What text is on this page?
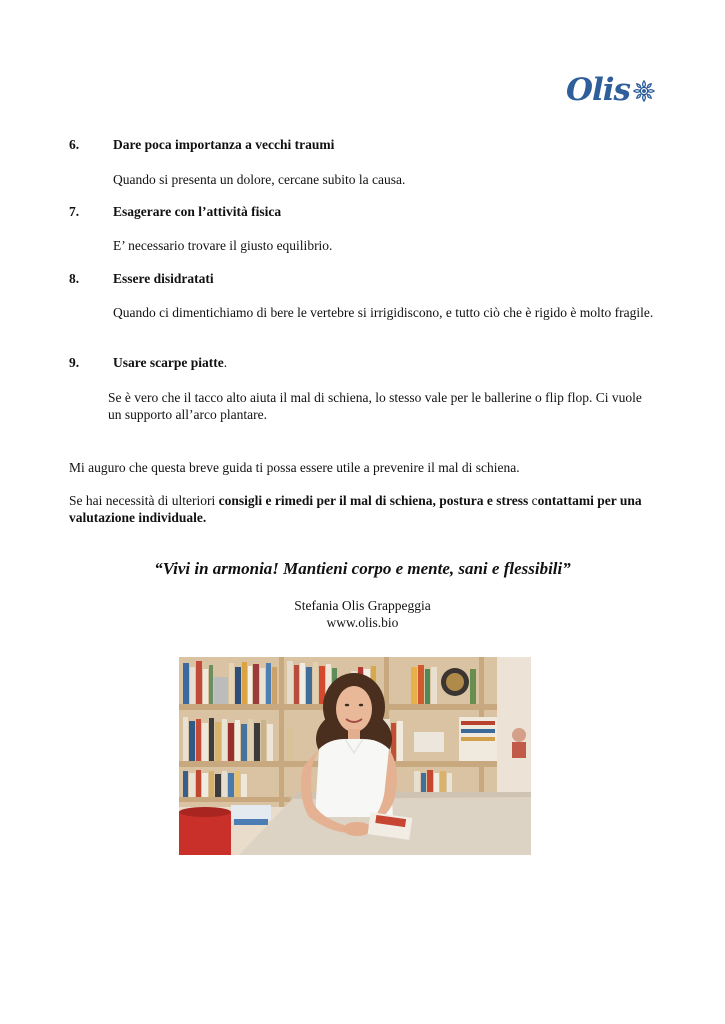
Olis
6.	Dare poca importanza a vecchi traumi
Quando si presenta un dolore, cercane subito la causa.
7.	Esagerare con l’attività fisica
E’ necessario trovare il giusto equilibrio.
8.	Essere disidratati
Quando ci dimentichiamo di bere le vertebre si irrigidiscono, e tutto ciò che è rigido è molto fragile.
9.	Usare scarpe piatte.
Se è vero che il tacco alto aiuta il mal di schiena, lo stesso vale per le ballerine o flip flop. Ci vuole un supporto all’arco plantare.
Mi auguro che questa breve guida ti possa essere utile a prevenire il mal di schiena.
Se hai necessità di ulteriori consigli e rimedi per il mal di schiena, postura e stress contattami per una valutazione individuale.
“Vivi in armonia! Mantieni corpo e mente, sani e flessibili”
Stefania Olis Grappeggia
www.olis.bio
